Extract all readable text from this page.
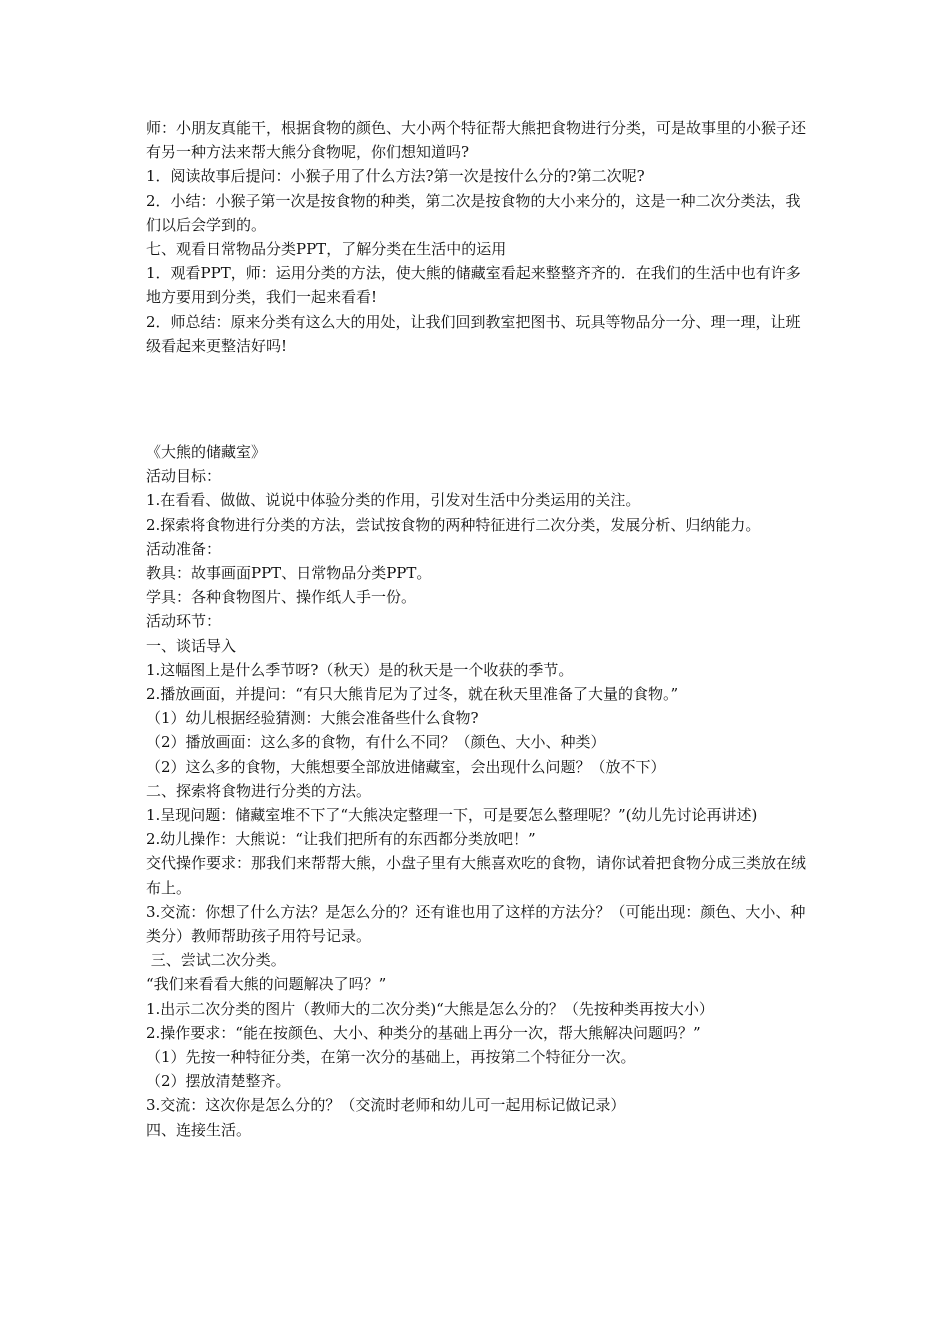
师：小朋友真能干，根据食物的颜色、大小两个特征帮大熊把食物进行分类，可是故事里的小猴子还有另一种方法来帮大熊分食物呢，你们想知道吗?

1．阅读故事后提问：小猴子用了什么方法?第一次是按什么分的?第二次呢?

2．小结：小猴子第一次是按食物的种类，第二次是按食物的大小来分的，这是一种二次分类法，我们以后会学到的。

七、观看日常物品分类PPT，了解分类在生活中的运用

1．观看PPT，师：运用分类的方法，使大熊的储藏室看起来整整齐齐的．在我们的生活中也有许多地方要用到分类，我们一起来看看!

2．师总结：原来分类有这么大的用处，让我们回到教室把图书、玩具等物品分一分、理一理，让班级看起来更整洁好吗!

《大熊的储藏室》

活动目标：

1.在看看、做做、说说中体验分类的作用，引发对生活中分类运用的关注。

2.探索将食物进行分类的方法，尝试按食物的两种特征进行二次分类，发展分析、归纳能力。

活动准备：

教具：故事画面PPT、日常物品分类PPT。

学具：各种食物图片、操作纸人手一份。

活动环节：

一、谈话导入

1.这幅图上是什么季节呀?（秋天）是的秋天是一个收获的季节。

2.播放画面，并提问：“有只大熊肯尼为了过冬，就在秋天里准备了大量的食物。”

（1）幼儿根据经验猜测：大熊会准备些什么食物?

（2）播放画面：这么多的食物，有什么不同？（颜色、大小、种类）

（2）这么多的食物，大熊想要全部放进储藏室，会出现什么问题？（放不下）

二、探索将食物进行分类的方法。

1.呈现问题：储藏室堆不下了“大熊决定整理一下，可是要怎么整理呢？”(幼儿先讨论再讲述)

2.幼儿操作：大熊说：“让我们把所有的东西都分类放吧！”

交代操作要求：那我们来帮帮大熊，小盘子里有大熊喜欢吃的食物，请你试着把食物分成三类放在绒布上。

3.交流：你想了什么方法？是怎么分的？还有谁也用了这样的方法分？（可能出现：颜色、大小、种类分）教师帮助孩子用符号记录。

三、尝试二次分类。

“我们来看看大熊的问题解决了吗？”

1.出示二次分类的图片（教师大的二次分类)“大熊是怎么分的？（先按种类再按大小）

2.操作要求：“能在按颜色、大小、种类分的基础上再分一次，帮大熊解决问题吗？”

（1）先按一种特征分类，在第一次分的基础上，再按第二个特征分一次。

（2）摆放清楚整齐。

3.交流：这次你是怎么分的？（交流时老师和幼儿可一起用标记做记录）

四、连接生活。
